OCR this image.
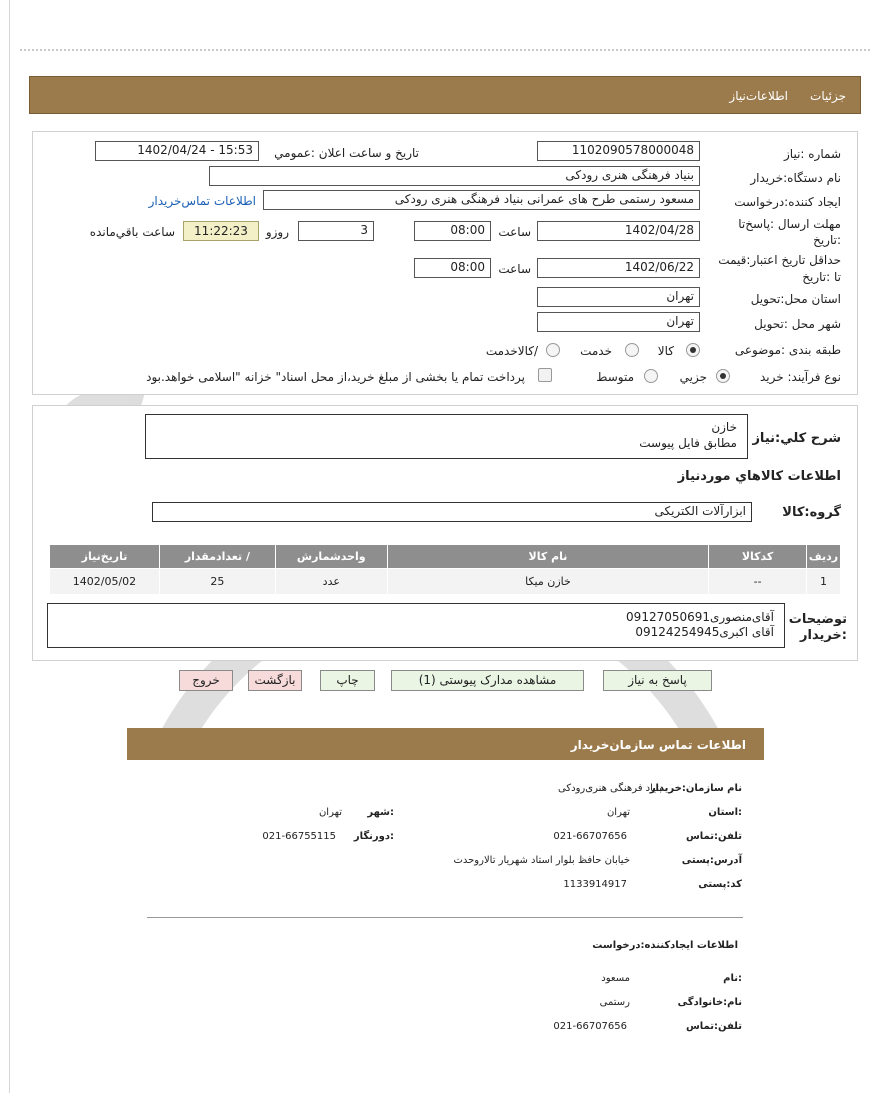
جزئیات
اطلاعات‌نیاز
شماره :نیاز
1102090578000048
تاریخ و ساعت اعلان :عمومي
1402/04/24 - 15:53
نام دستگاه:خریدار
بنیاد فرهنگی هنری رودکی
ایجاد کننده:درخواست
مسعود رستمی طرح های عمرانی بنیاد فرهنگی هنری رودکی
اطلاعات تماس‌خریدار
مهلت ارسال :پاسخ‌تا
:تاریخ
1402/04/28
ساعت
08:00
3
روزو
11:22:23
ساعت باقي‌مانده
حداقل تاریخ اعتبار:قیمت
تا :تاریخ
1402/06/22
ساعت
08:00
استان محل:تحویل
تهران
شهر محل :تحویل
تهران
طبقه بندی :موضوعی
کالا
خدمت
/کالاخدمت
نوع فرآیند: خرید
جزیي
متوسط
پرداخت تمام یا بخشی از مبلغ خرید،از محل اسناد" خزانه "اسلامی خواهد.بود
شرح کلي:نیاز
خازن
مطابق فایل پیوست
اطلاعات کالاهاي موردنیاز
گروه:کالا
ابزارآلات الکتریکی
ردیف	کدکالا	نام کالا	واحدشمارش	/ تعدادمقدار	تاریخ‌نیاز
1	--	خازن میکا	عدد	25	1402/05/02
توضیحات
:خریدار
آقای‌منصوری09127050691
آقای اکبری09124254945
پاسخ به نیاز
مشاهده مدارک پیوستی (1)
چاپ
بازگشت
خروج
اطلاعات تماس سازمان‌خریدار
نام سازمان:خریدار
بنیاد فرهنگی هنری‌رودکی
:استان
تهران
:شهر
تهران
تلفن:تماس
021-66707656
:دورنگار
021-66755115
آدرس:پستی
خیابان حافظ بلوار استاد شهریار تالاروحدت
کد:پستی
1133914917
اطلاعات ایجادکننده:درخواست
:نام
مسعود
نام:خانوادگی
رستمی
تلفن:تماس
021-66707656
